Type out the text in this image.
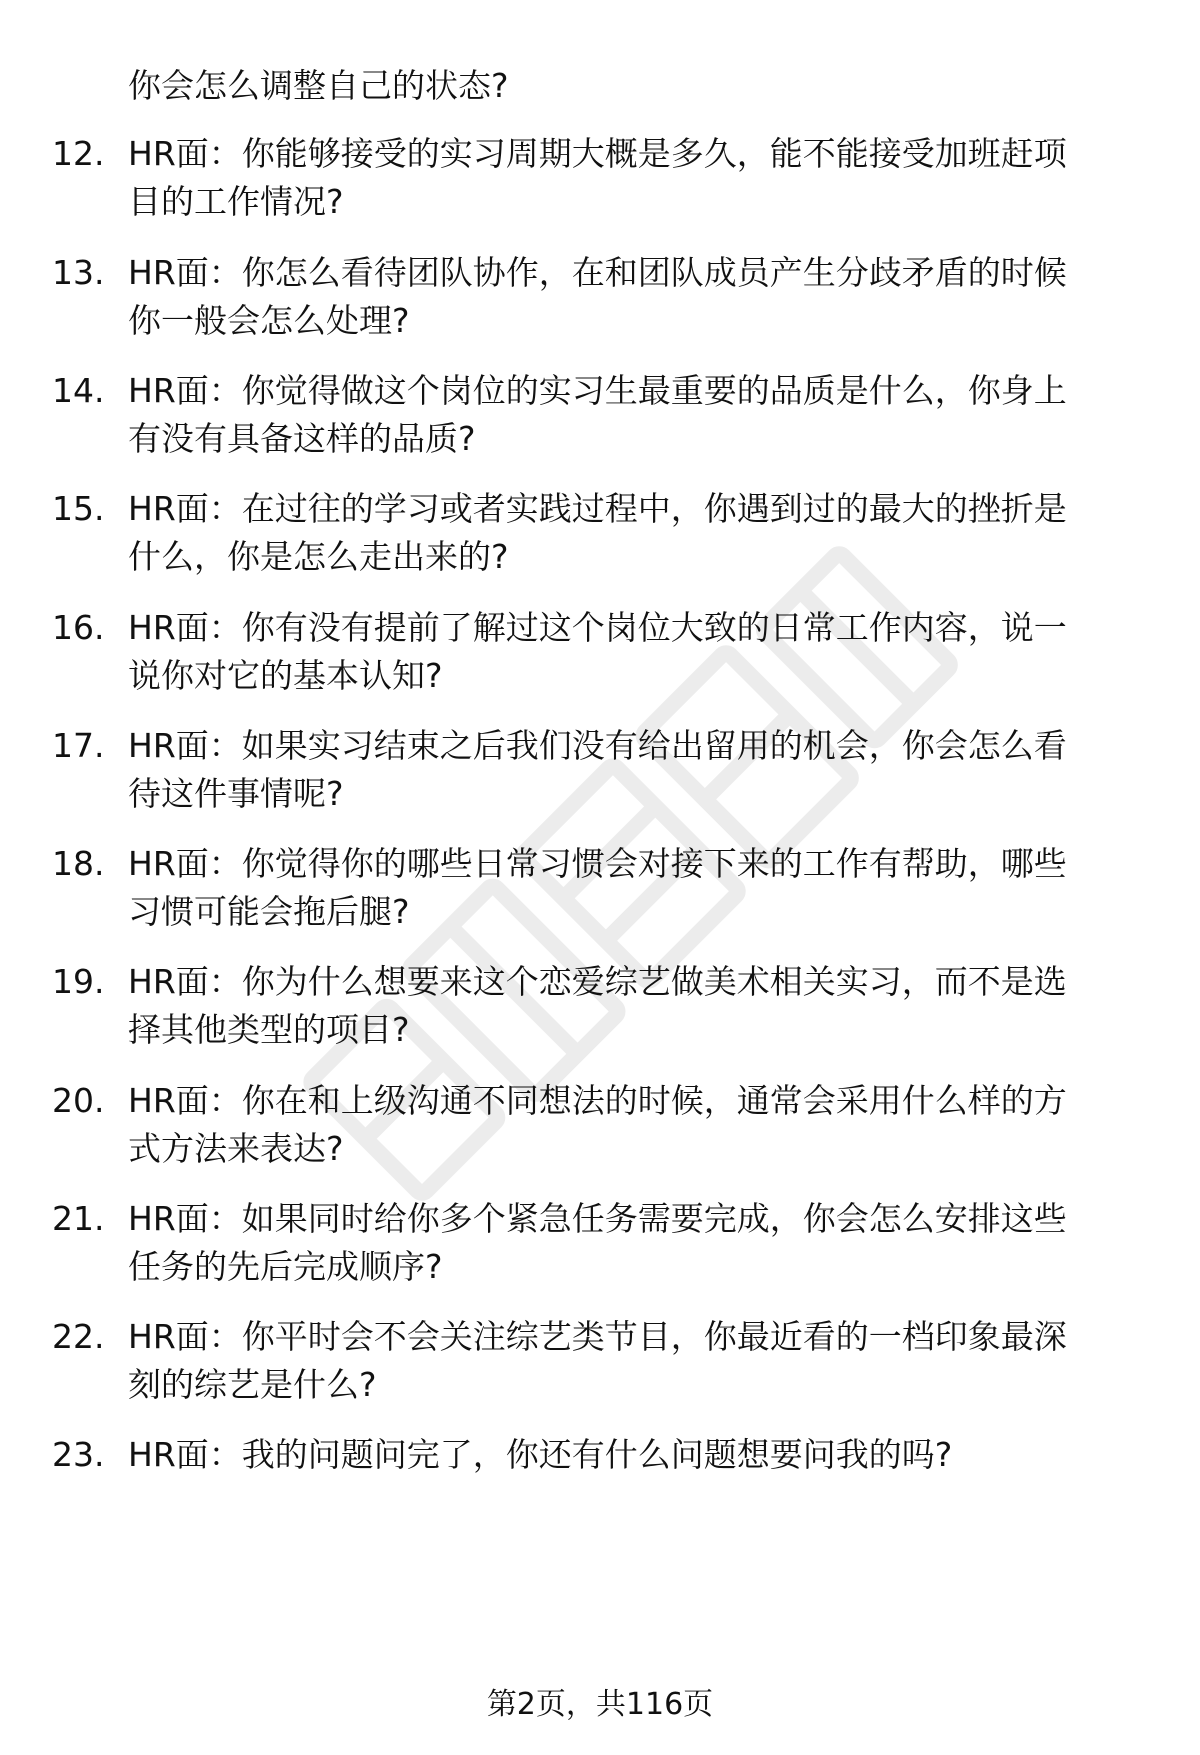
你会怎么调整自己的状态?
12. HR面：你能够接受的实习周期大概是多久，能不能接受加班赶项
目的工作情况?
13. HR面：你怎么看待团队协作，在和团队成员产生分歧矛盾的时候
你一般会怎么处理?
14. HR面：你觉得做这个岗位的实习生最重要的品质是什么，你身上
有没有具备这样的品质?
15. HR面：在过往的学习或者实践过程中，你遇到过的最大的挫折是
什么，你是怎么走出来的?
16. HR面：你有没有提前了解过这个岗位大致的日常工作内容，说一
说你对它的基本认知?
17. HR面：如果实习结束之后我们没有给出留用的机会，你会怎么看
待这件事情呢?
18. HR面：你觉得你的哪些日常习惯会对接下来的工作有帮助，哪些
习惯可能会拖后腿?
19. HR面：你为什么想要来这个恋爱综艺做美术相关实习，而不是选
择其他类型的项目?
20. HR面：你在和上级沟通不同想法的时候，通常会采用什么样的方
式方法来表达?
21. HR面：如果同时给你多个紧急任务需要完成，你会怎么安排这些
任务的先后完成顺序?
22. HR面：你平时会不会关注综艺类节目，你最近看的一档印象最深
刻的综艺是什么?
23. HR面：我的问题问完了，你还有什么问题想要问我的吗?
第2页，共116页
